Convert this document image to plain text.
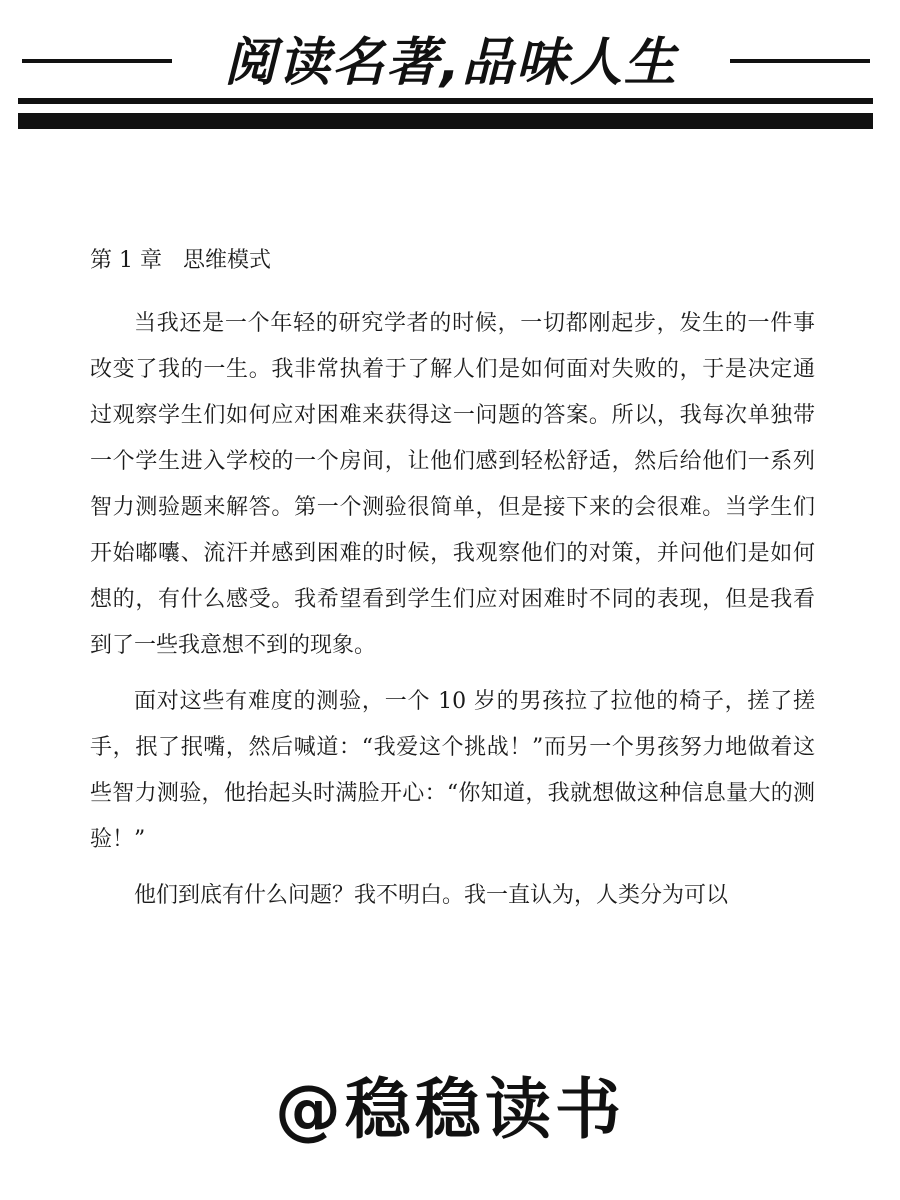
阅读名著,品味人生
第 1 章   思维模式

当我还是一个年轻的研究学者的时候，一切都刚起步，发生的一件事改变了我的一生。我非常执着于了解人们是如何面对失败的，于是决定通过观察学生们如何应对困难来获得这一问题的答案。所以，我每次单独带一个学生进入学校的一个房间，让他们感到轻松舒适，然后给他们一系列智力测验题来解答。第一个测验很简单，但是接下来的会很难。当学生们开始嘟囔、流汗并感到困难的时候，我观察他们的对策，并问他们是如何想的，有什么感受。我希望看到学生们应对困难时不同的表现，但是我看到了一些我意想不到的现象。

面对这些有难度的测验，一个 10 岁的男孩拉了拉他的椅子，搓了搓手，抿了抿嘴，然后喊道：“我爱这个挑战！”而另一个男孩努力地做着这些智力测验，他抬起头时满脸开心：“你知道，我就想做这种信息量大的测验！”

他们到底有什么问题？我不明白。我一直认为，人类分为可以

@稳稳读书
